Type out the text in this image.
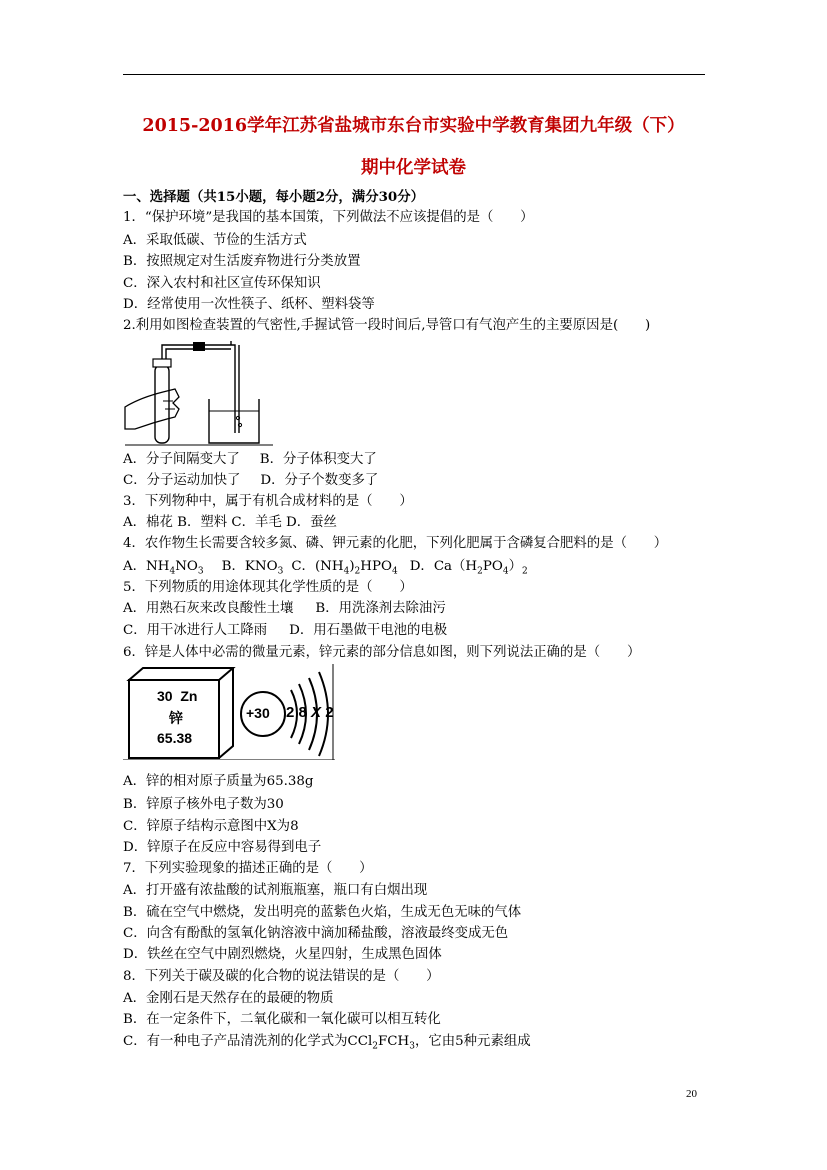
2015-2016学年江苏省盐城市东台市实验中学教育集团九年级（下）
期中化学试卷
一、选择题（共15小题，每小题2分，满分30分）
1．“保护环境”是我国的基本国策，下列做法不应该提倡的是（　　）
A．采取低碳、节俭的生活方式
B．按照规定对生活废弃物进行分类放置
C．深入农村和社区宣传环保知识
D．经常使用一次性筷子、纸杯、塑料袋等
2.利用如图检查装置的气密性,手握试管一段时间后,导管口有气泡产生的主要原因是(　　)
A．分子间隔变大了 B．分子体积变大了
C．分子运动加快了 D．分子个数变多了
3．下列物种中，属于有机合成材料的是（　　）
A．棉花 B．塑料 C．羊毛 D．蚕丝
4．农作物生长需要含较多氮、磷、钾元素的化肥，下列化肥属于含磷复合肥料的是（　　）
A．$NH_4NO_3$ B．$KNO_3$ C．$(NH_4)_2HPO_4$ D．$Ca(H_2PO_4)_2$
5．下列物质的用途体现其化学性质的是（　　）
A．用熟石灰来改良酸性土壤 B．用洗涤剂去除油污
C．用干冰进行人工降雨 D．用石墨做干电池的电极
6．锌是人体中必需的微量元素，锌元素的部分信息如图，则下列说法正确的是（　　）
30 Zn
锌
65.38
+30 2 8 X 2
A．锌的相对原子质量为65.38g
B．锌原子核外电子数为30
C．锌原子结构示意图中X为8
D．锌原子在反应中容易得到电子
7．下列实验现象的描述正确的是（　　）
A．打开盛有浓盐酸的试剂瓶瓶塞，瓶口有白烟出现
B．硫在空气中燃烧，发出明亮的蓝紫色火焰，生成无色无味的气体
C．向含有酚酞的氢氧化钠溶液中滴加稀盐酸，溶液最终变成无色
D．铁丝在空气中剧烈燃烧，火星四射，生成黑色固体
8．下列关于碳及碳的化合物的说法错误的是（　　）
A．金刚石是天然存在的最硬的物质
B．在一定条件下，二氧化碳和一氧化碳可以相互转化
C．有一种电子产品清洗剂的化学式为$CCl_2FCH_3$，它由5种元素组成
20
